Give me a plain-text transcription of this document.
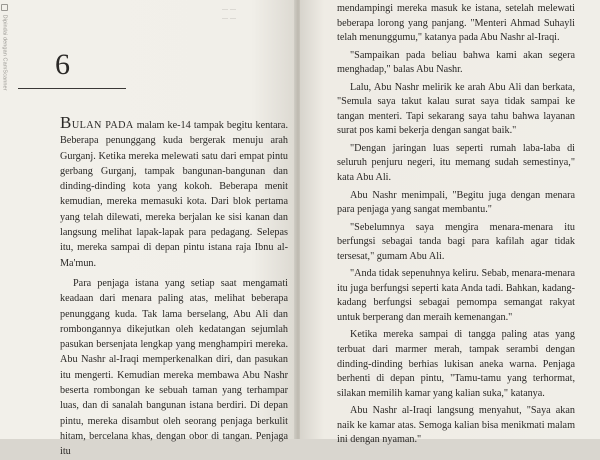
Dipindai dengan CamScanner
... ...
... ...
6

BULAN PADA malam ke-14 tampak begitu kentara. Beberapa penunggang kuda bergerak menuju arah Gurganj. Ketika mereka melewati satu dari empat pintu gerbang Gurganj, tampak bangunan-bangunan dan dinding-dinding kota yang kokoh. Beberapa menit kemudian, mereka memasuki kota. Dari blok pertama yang telah dilewati, mereka berjalan ke sisi kanan dan langsung melihat lapak-lapak para pedagang. Selepas itu, mereka sampai di depan pintu istana raja Ibnu al-Ma'mun.

Para penjaga istana yang setiap saat mengamati keadaan dari menara paling atas, melihat beberapa penunggang kuda. Tak lama berselang, Abu Ali dan rombongannya dikejutkan oleh kedatangan sejumlah pasukan bersenjata lengkap yang menghampiri mereka. Abu Nashr al-Iraqi memperkenalkan diri, dan pasukan itu mengerti. Kemudian mereka membawa Abu Nashr beserta rombongan ke sebuah taman yang terhampar luas, dan di sanalah bangunan istana berdiri. Di depan pintu, mereka disambut oleh seorang penjaga berkulit hitam, bercelana khas, dengan obor di tangan. Penjaga itu

mendampingi mereka masuk ke istana, setelah melewati beberapa lorong yang panjang. "Menteri Ahmad Suhayli telah menunggumu," katanya pada Abu Nashr al-Iraqi.

"Sampaikan pada beliau bahwa kami akan segera menghadap," balas Abu Nashr.

Lalu, Abu Nashr melirik ke arah Abu Ali dan berkata, "Semula saya takut kalau surat saya tidak sampai ke tangan menteri. Tapi sekarang saya tahu bahwa layanan surat pos kami bekerja dengan sangat baik."

"Dengan jaringan luas seperti rumah laba-laba di seluruh penjuru negeri, itu memang sudah semestinya," kata Abu Ali.

Abu Nashr menimpali, "Begitu juga dengan menara para penjaga yang sangat membantu."

"Sebelumnya saya mengira menara-menara itu berfungsi sebagai tanda bagi para kafilah agar tidak tersesat," gumam Abu Ali.

"Anda tidak sepenuhnya keliru. Sebab, menara-menara itu juga berfungsi seperti kata Anda tadi. Bahkan, kadang-kadang berfungsi sebagai pemompa semangat rakyat untuk berperang dan meraih kemenangan."

Ketika mereka sampai di tangga paling atas yang terbuat dari marmer merah, tampak serambi dengan dinding-dinding berhias lukisan aneka warna. Penjaga berhenti di depan pintu, "Tamu-tamu yang terhormat, silakan memilih kamar yang kalian suka," katanya.

Abu Nashr al-Iraqi langsung menyahut, "Saya akan naik ke kamar atas. Semoga kalian bisa menikmati malam ini dengan nyaman."
